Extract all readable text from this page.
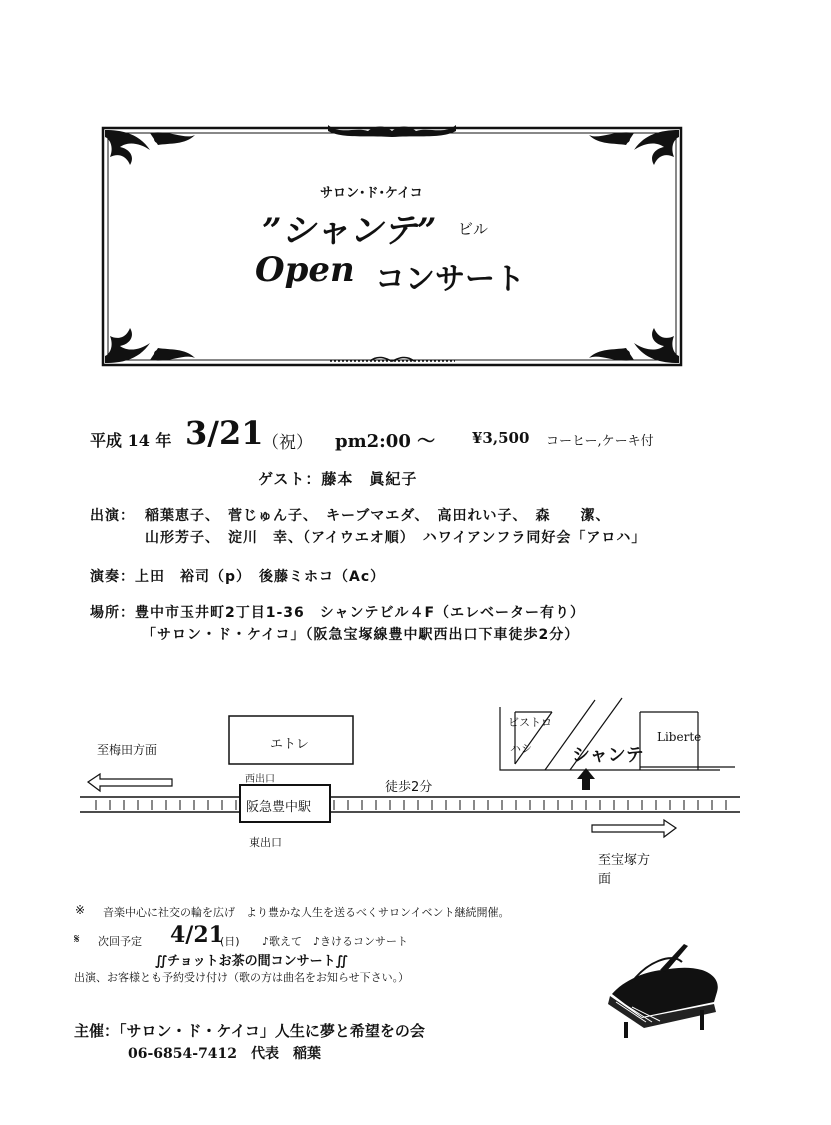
サロン･ド･ケイコ
”シャンテ” ビル
Open コンサート
平成 14 年 3/21
（祝） pm2:00 ～ ¥3,500 コーヒー,ケーキ付
ゲスト：藤本　眞紀子
出演： 稲葉恵子、　菅じゅん子、　キーブマエダ、　高田れい子、　森　　潔、
山形芳子、　淀川　幸、（アイウエオ順）　ハワイアンフラ同好会「アロハ」
演奏：上田　裕司（p）　後藤ミホコ（Ac）
場所：豊中市玉井町2丁目1-36　シャンテビル４F（エレベーター有り）
「サロン・ド・ケイコ」（阪急宝塚線豊中駅西出口下車徒歩2分）
至梅田方面	エトレ
西出口
阪急豊中駅
東出口
徒歩2分
ビストロ
ハシ シャンテ
Liberte
至宝塚方
面
※ 音楽中心に社交の輪を広げ　より豊かな人生を送るべくサロンイベント継続開催。
𝄋 次回予定 4/21
(日) ♪歌えて　♪きけるコンサート
∬チョットお茶の間コンサート∬
出演、お客様とも予約受け付け（歌の方は曲名をお知らせ下さい。）
主催：「サロン・ド・ケイコ」人生に夢と希望をの会
06-6854-7412　代表　稲葉
